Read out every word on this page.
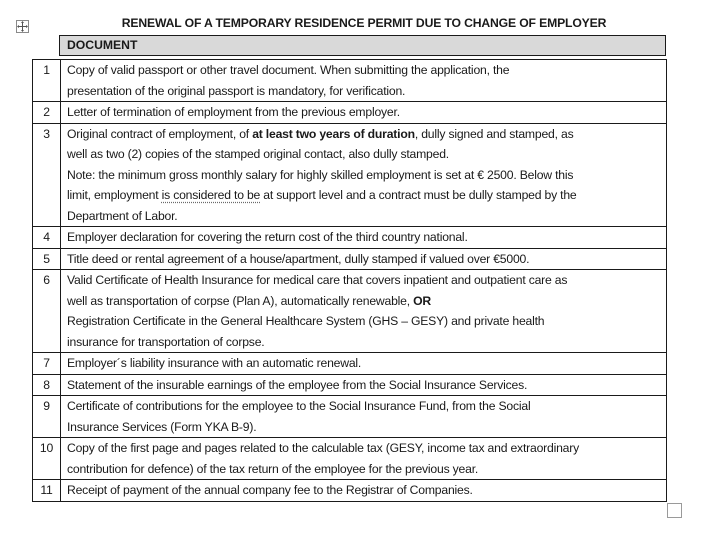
RENEWAL OF A TEMPORARY RESIDENCE PERMIT DUE TO CHANGE OF EMPLOYER
DOCUMENT
1	Copy of valid passport or other travel document. When submitting the application, the
presentation of the original passport is mandatory, for verification.

2	Letter of termination of employment from the previous employer.

3	Original contract of employment, of at least two years of duration, dully signed and stamped, as
well as two (2) copies of the stamped original contact, also dully stamped.
Note: the minimum gross monthly salary for highly skilled employment is set at € 2500. Below this
limit, employment is considered to be at support level and a contract must be dully stamped by the
Department of Labor.

4	Employer declaration for covering the return cost of the third country national.

5	Title deed or rental agreement of a house/apartment, dully stamped if valued over €5000.

6	Valid Certificate of Health Insurance for medical care that covers inpatient and outpatient care as
well as transportation of corpse (Plan A), automatically renewable, OR
Registration Certificate in the General Healthcare System (GHS – GESY) and private health
insurance for transportation of corpse.

7	Employer´s liability insurance with an automatic renewal.

8	Statement of the insurable earnings of the employee from the Social Insurance Services.

9	Certificate of contributions for the employee to the Social Insurance Fund, from the Social
Insurance Services (Form YKA B-9).

10	Copy of the first page and pages related to the calculable tax (GESY, income tax and extraordinary
contribution for defence) of the tax return of the employee for the previous year.

11	Receipt of payment of the annual company fee to the Registrar of Companies.
